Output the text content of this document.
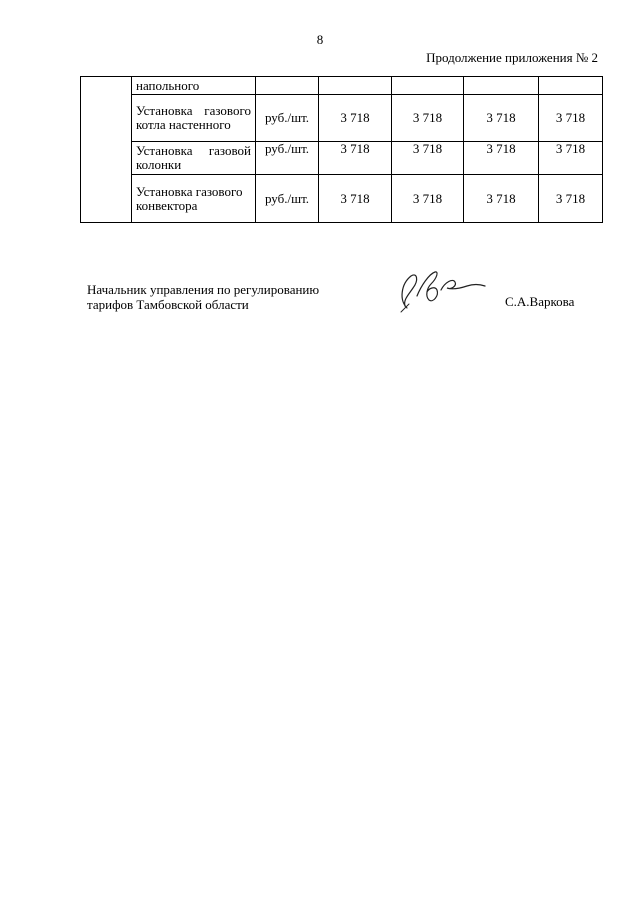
8
Продолжение приложения № 2
	напольного					
	Установка газового котла настенного	руб./шт.	3 718	3 718	3 718	3 718
	Установка газовой колонки	руб./шт.	3 718	3 718	3 718	3 718
	Установка газового конвектора	руб./шт.	3 718	3 718	3 718	3 718
Начальник управления по регулированию
тарифов Тамбовской области	С.А.Варкова
